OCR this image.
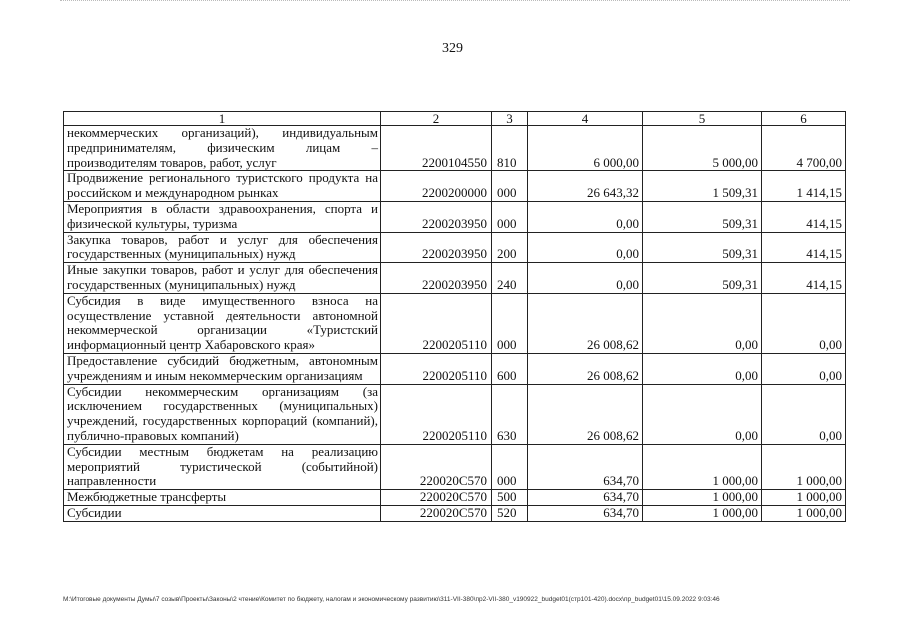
329
1	2	3	4	5	6
некоммерческих организаций), индивидуальным предпринимателям, физическим лицам – производителям товаров, работ, услуг	2200104550	810	6 000,00	5 000,00	4 700,00
Продвижение регионального туристского продукта на российском и международном рынках	2200200000	000	26 643,32	1 509,31	1 414,15
Мероприятия в области здравоохранения, спорта и физической культуры, туризма	2200203950	000	0,00	509,31	414,15
Закупка товаров, работ и услуг для обеспечения государственных (муниципальных) нужд	2200203950	200	0,00	509,31	414,15
Иные закупки товаров, работ и услуг для обеспечения государственных (муниципальных) нужд	2200203950	240	0,00	509,31	414,15
Субсидия в виде имущественного взноса на осуществление уставной деятельности автономной некоммерческой организации «Туристский информационный центр Хабаровского края»	2200205110	000	26 008,62	0,00	0,00
Предоставление субсидий бюджетным, автономным учреждениям и иным некоммерческим организациям	2200205110	600	26 008,62	0,00	0,00
Субсидии некоммерческим организациям (за исключением государственных (муниципальных) учреждений, государственных корпораций (компаний), публично-правовых компаний)	2200205110	630	26 008,62	0,00	0,00
Субсидии местным бюджетам на реализацию мероприятий туристической (событийной) направленности	220020С570	000	634,70	1 000,00	1 000,00
Межбюджетные трансферты	220020С570	500	634,70	1 000,00	1 000,00
Субсидии	220020С570	520	634,70	1 000,00	1 000,00
M:\Итоговые документы Думы\7 созыв\Проекты\Законы\2 чтение\Комитет по бюджету, налогам и экономическому развитию\311-VII-380\пр2-VII-380_v190922_budget01(стр101-420).docx\пр_budget01\15.09.2022 9:03:46
